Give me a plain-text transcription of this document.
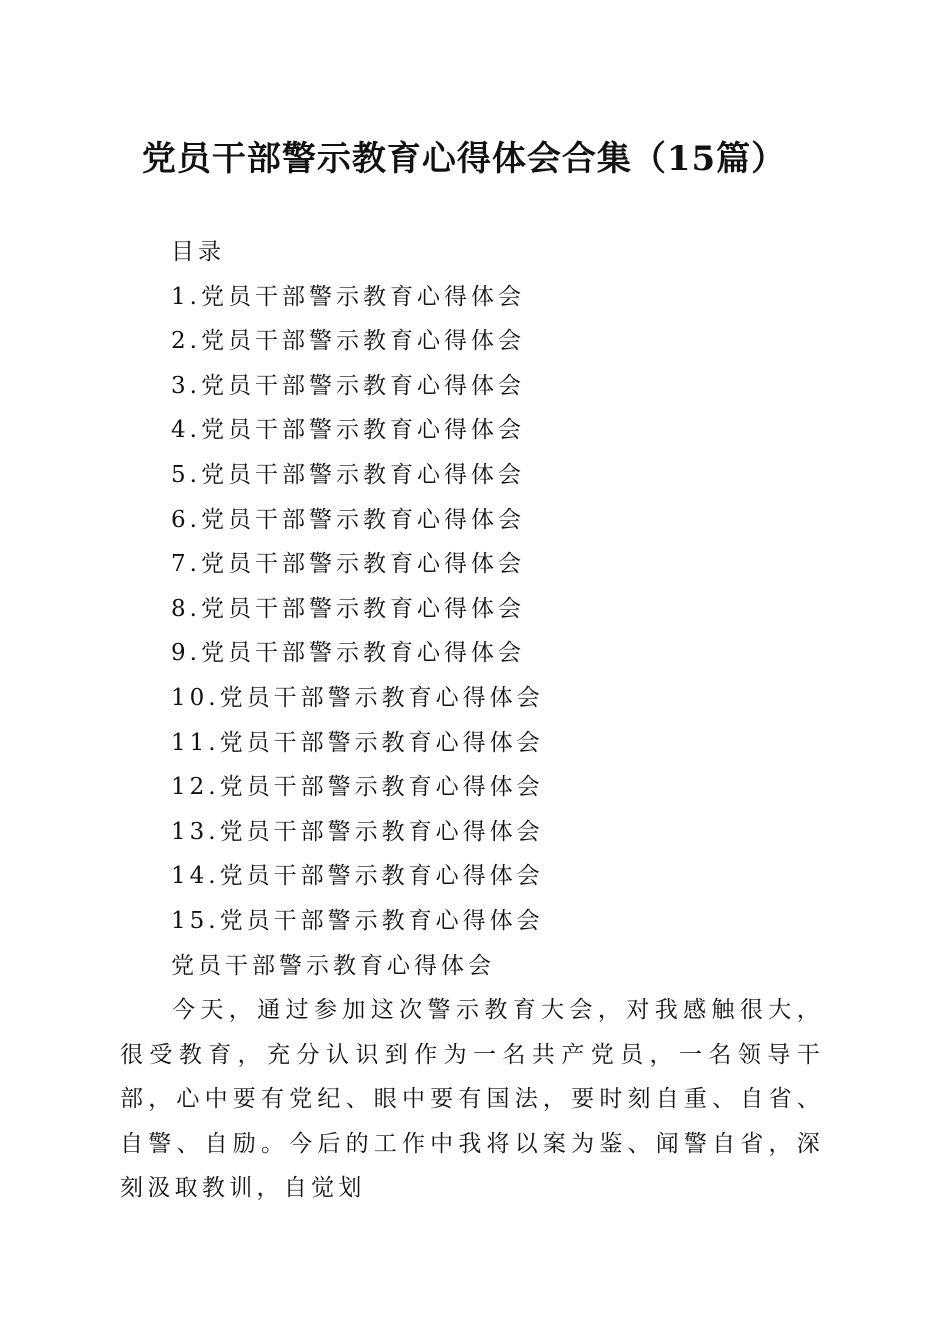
党员干部警示教育心得体会合集（15篇）
目录
1.党员干部警示教育心得体会
2.党员干部警示教育心得体会
3.党员干部警示教育心得体会
4.党员干部警示教育心得体会
5.党员干部警示教育心得体会
6.党员干部警示教育心得体会
7.党员干部警示教育心得体会
8.党员干部警示教育心得体会
9.党员干部警示教育心得体会
10.党员干部警示教育心得体会
11.党员干部警示教育心得体会
12.党员干部警示教育心得体会
13.党员干部警示教育心得体会
14.党员干部警示教育心得体会
15.党员干部警示教育心得体会
党员干部警示教育心得体会

今天，通过参加这次警示教育大会，对我感触很大，很受教育，充分认识到作为一名共产党员，一名领导干部，心中要有党纪、眼中要有国法，要时刻自重、自省、自警、自励。今后的工作中我将以案为鉴、闻警自省，深刻汲取教训，自觉划
